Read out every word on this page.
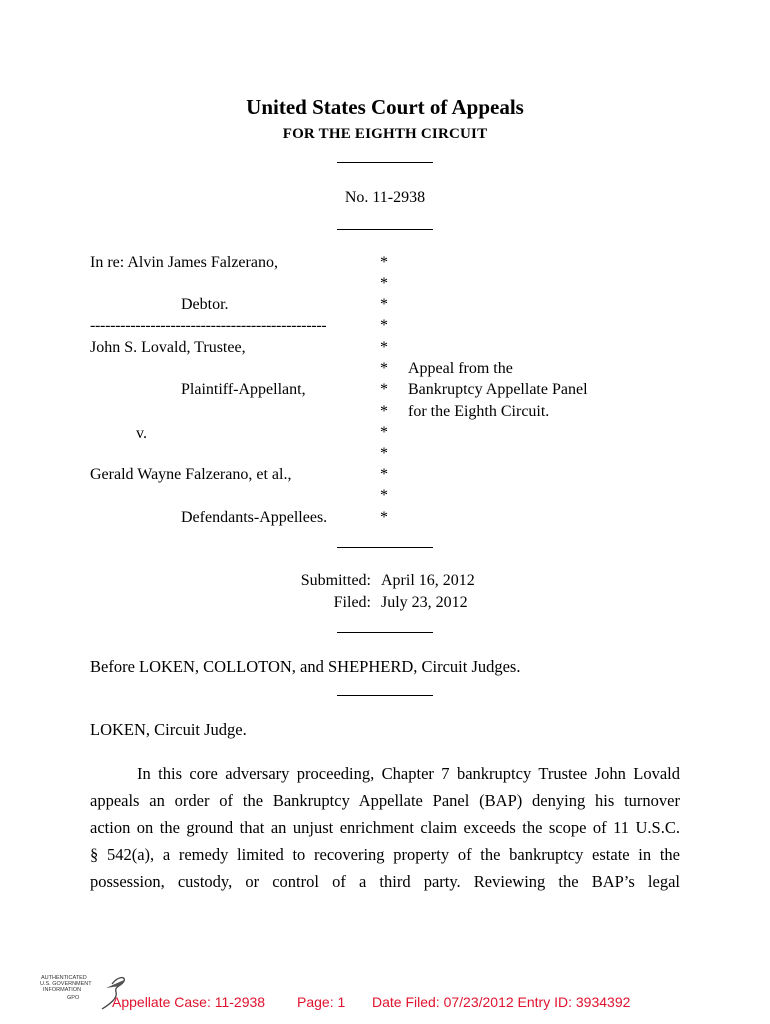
United States Court of Appeals
FOR THE EIGHTH CIRCUIT
No. 11-2938
In re: Alvin James Falzerano,
Debtor.
-----------------------------------------------
John S. Lovald, Trustee,
Plaintiff-Appellant,
v.
Gerald Wayne Falzerano, et al.,
Defendants-Appellees.
*
*
*
*
*
*
*
*
*
*
*
*
*
Appeal from the
Bankruptcy Appellate Panel
for the Eighth Circuit.
Submitted: April 16, 2012
Filed: July 23, 2012
Before LOKEN, COLLOTON, and SHEPHERD, Circuit Judges.
LOKEN, Circuit Judge.
In this core adversary proceeding, Chapter 7 bankruptcy Trustee John Lovald
appeals an order of the Bankruptcy Appellate Panel (BAP) denying his turnover
action on the ground that an unjust enrichment claim exceeds the scope of 11 U.S.C.
§ 542(a), a remedy limited to recovering property of the bankruptcy estate in the
possession, custody, or control of a third party. Reviewing the BAP’s legal
AUTHENTICATED
U.S. GOVERNMENT
INFORMATION
GPO Appellate Case: 11-2938 Page: 1 Date Filed: 07/23/2012 Entry ID: 3934392
